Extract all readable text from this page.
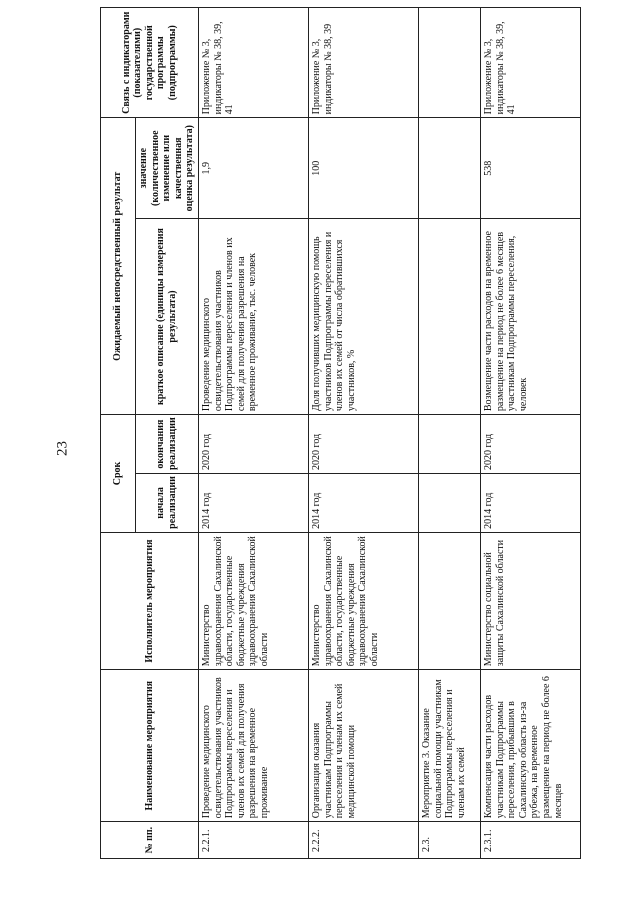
23
№ пп.	Наименование мероприятия	Исполнитель мероприятия	Срок		Ожидаемый непосредственный результат		Связь с индикаторами (показателями) государственной программы (подпрограммы)
			начала реализации	окончания реализации	краткое описание (единицы измерения результата)	значение (количественное изменение или качественная оценка результата)	
2.2.1.	Проведение медицинского освидетельствования участников Подпрограммы переселения и членов их семей для получения разрешения на временное проживание	Министерство здравоохранения Сахалинской области, государственные бюджетные учреждения здравоохранения Сахалинской области	2014 год	2020 год	Проведение медицинского освидетельствования участников Подпрограммы переселения и членов их семей для получения разрешения на временное проживание, тыс. человек	1,9	Приложение № 3, индикаторы № 38, 39, 41
2.2.2.	Организация оказания участникам Подпрограммы переселения и членам их семей медицинской помощи	Министерство здравоохранения Сахалинской области, государственные бюджетные учреждения здравоохранения Сахалинской области	2014 год	2020 год	Доля получивших медицинскую помощь участников Подпрограммы переселения и членов их семей от числа обратившихся участников, %	100	Приложение № 3, индикаторы № 38, 39
2.3.	Мероприятие 3. Оказание социальной помощи участникам Подпрограммы переселения и членам их семей						
2.3.1.	Компенсация части расходов участникам Подпрограммы переселения, прибывшим в Сахалинскую область из-за рубежа, на временное размещение на период не более 6 месяцев	Министерство социальной защиты Сахалинской области	2014 год	2020 год	Возмещение части расходов на временное размещение на период не более 6 месяцев участникам Подпрограммы переселения, человек	538	Приложение № 3, индикаторы № 38, 39, 41
